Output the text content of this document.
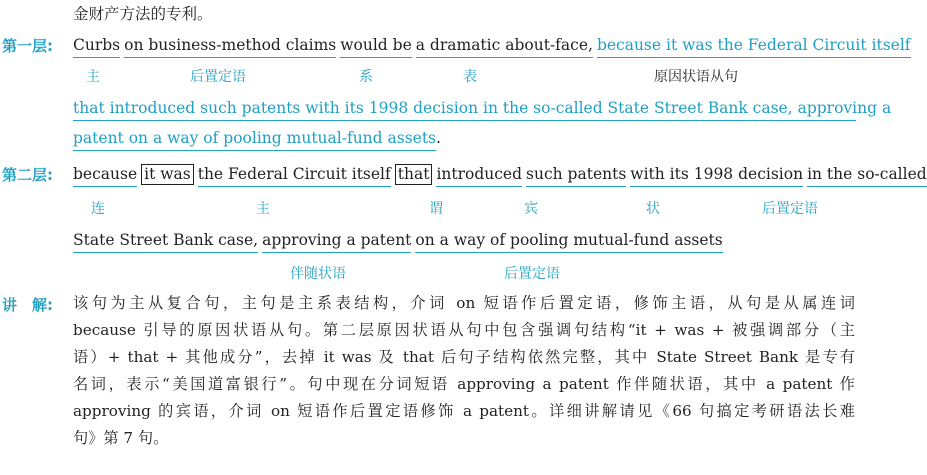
金财产方法的专利。
第一层: Curbs on business-method claims would be a dramatic about-face, because it was the Federal Circuit itself
主	后置定语	系	表	原因状语从句
that introduced such patents with its 1998 decision in the so-called State Street Bank case, approving a
patent on a way of pooling mutual-fund assets.
第二层: because it was the Federal Circuit itself that introduced such patents with its 1998 decision in the so-called
连	主	谓	宾	状	后置定语
State Street Bank case, approving a patent on a way of pooling mutual-fund assets
伴随状语	后置定语
讲　解: 该句为主从复合句，主句是主系表结构，介词 on 短语作后置定语，修饰主语，从句是从属连词
because 引导的原因状语从句。第二层原因状语从句中包含强调句结构“it + was + 被强调部分（主
语）+ that + 其他成分”，去掉 it was 及 that 后句子结构依然完整，其中 State Street Bank 是专有
名词，表示“美国道富银行”。句中现在分词短语 approving a patent 作伴随状语，其中 a patent 作
approving 的宾语，介词 on 短语作后置定语修饰 a patent。详细讲解请见《66 句搞定考研语法长难
句》第 7 句。
